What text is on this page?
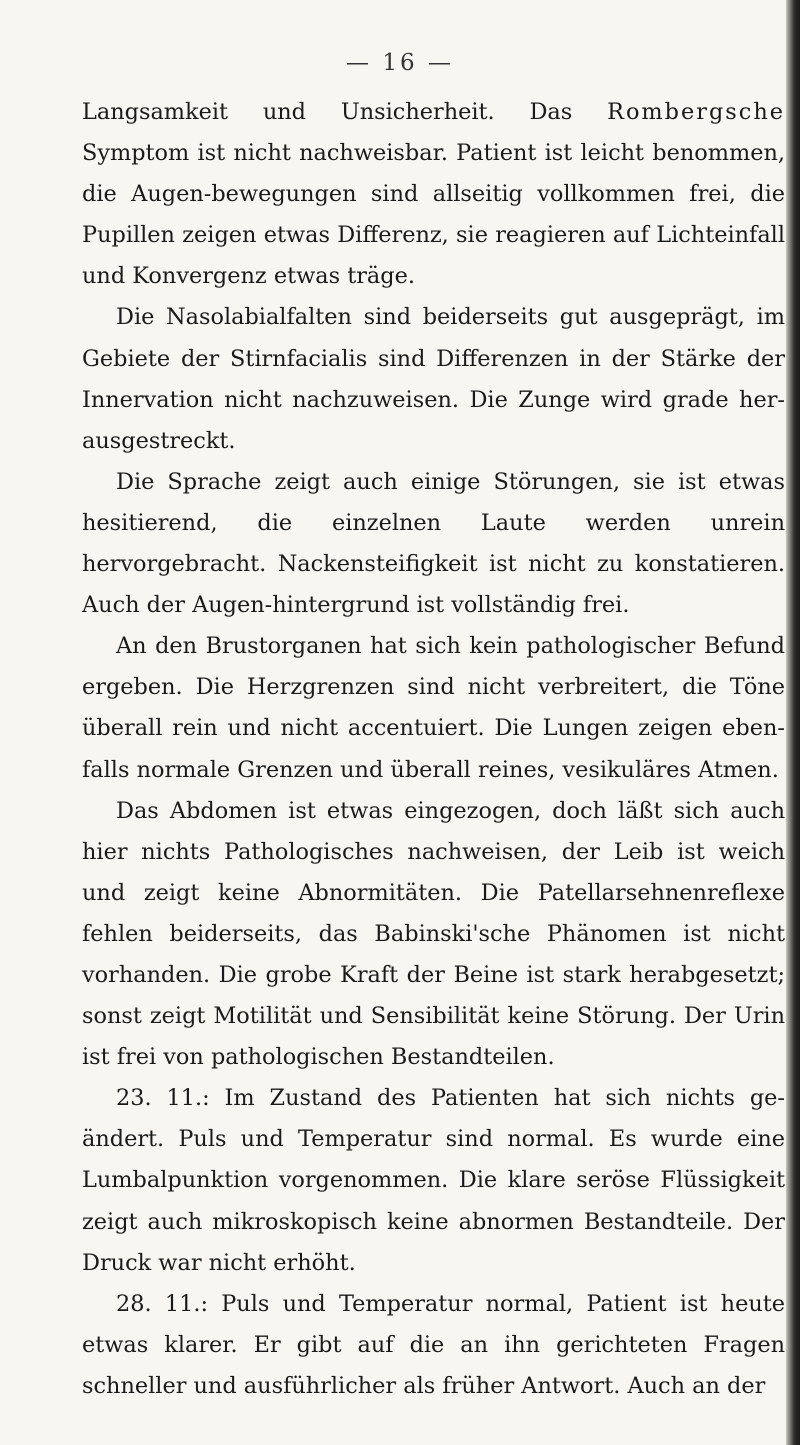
— 16 —

Langsamkeit und Unsicherheit. Das Rombergsche Symptom ist nicht nachweisbar. Patient ist leicht benommen, die Augen-bewegungen sind allseitig vollkommen frei, die Pupillen zeigen etwas Differenz, sie reagieren auf Lichteinfall und Konvergenz etwas träge.

Die Nasolabialfalten sind beiderseits gut ausgeprägt, im Gebiete der Stirnfacialis sind Differenzen in der Stärke der Innervation nicht nachzuweisen. Die Zunge wird grade her-ausgestreckt.

Die Sprache zeigt auch einige Störungen, sie ist etwas hesitierend, die einzelnen Laute werden unrein hervorgebracht. Nackensteifigkeit ist nicht zu konstatieren. Auch der Augen-hintergrund ist vollständig frei.

An den Brustorganen hat sich kein pathologischer Befund ergeben. Die Herzgrenzen sind nicht verbreitert, die Töne überall rein und nicht accentuiert. Die Lungen zeigen eben-falls normale Grenzen und überall reines, vesikuläres Atmen.

Das Abdomen ist etwas eingezogen, doch läßt sich auch hier nichts Pathologisches nachweisen, der Leib ist weich und zeigt keine Abnormitäten. Die Patellarsehnenreflexe fehlen beiderseits, das Babinski'sche Phänomen ist nicht vorhanden. Die grobe Kraft der Beine ist stark herabgesetzt; sonst zeigt Motilität und Sensibilität keine Störung. Der Urin ist frei von pathologischen Bestandteilen.

23. 11.: Im Zustand des Patienten hat sich nichts ge-ändert. Puls und Temperatur sind normal. Es wurde eine Lumbalpunktion vorgenommen. Die klare seröse Flüssigkeit zeigt auch mikroskopisch keine abnormen Bestandteile. Der Druck war nicht erhöht.

28. 11.: Puls und Temperatur normal, Patient ist heute etwas klarer. Er gibt auf die an ihn gerichteten Fragen schneller und ausführlicher als früher Antwort. Auch an der
